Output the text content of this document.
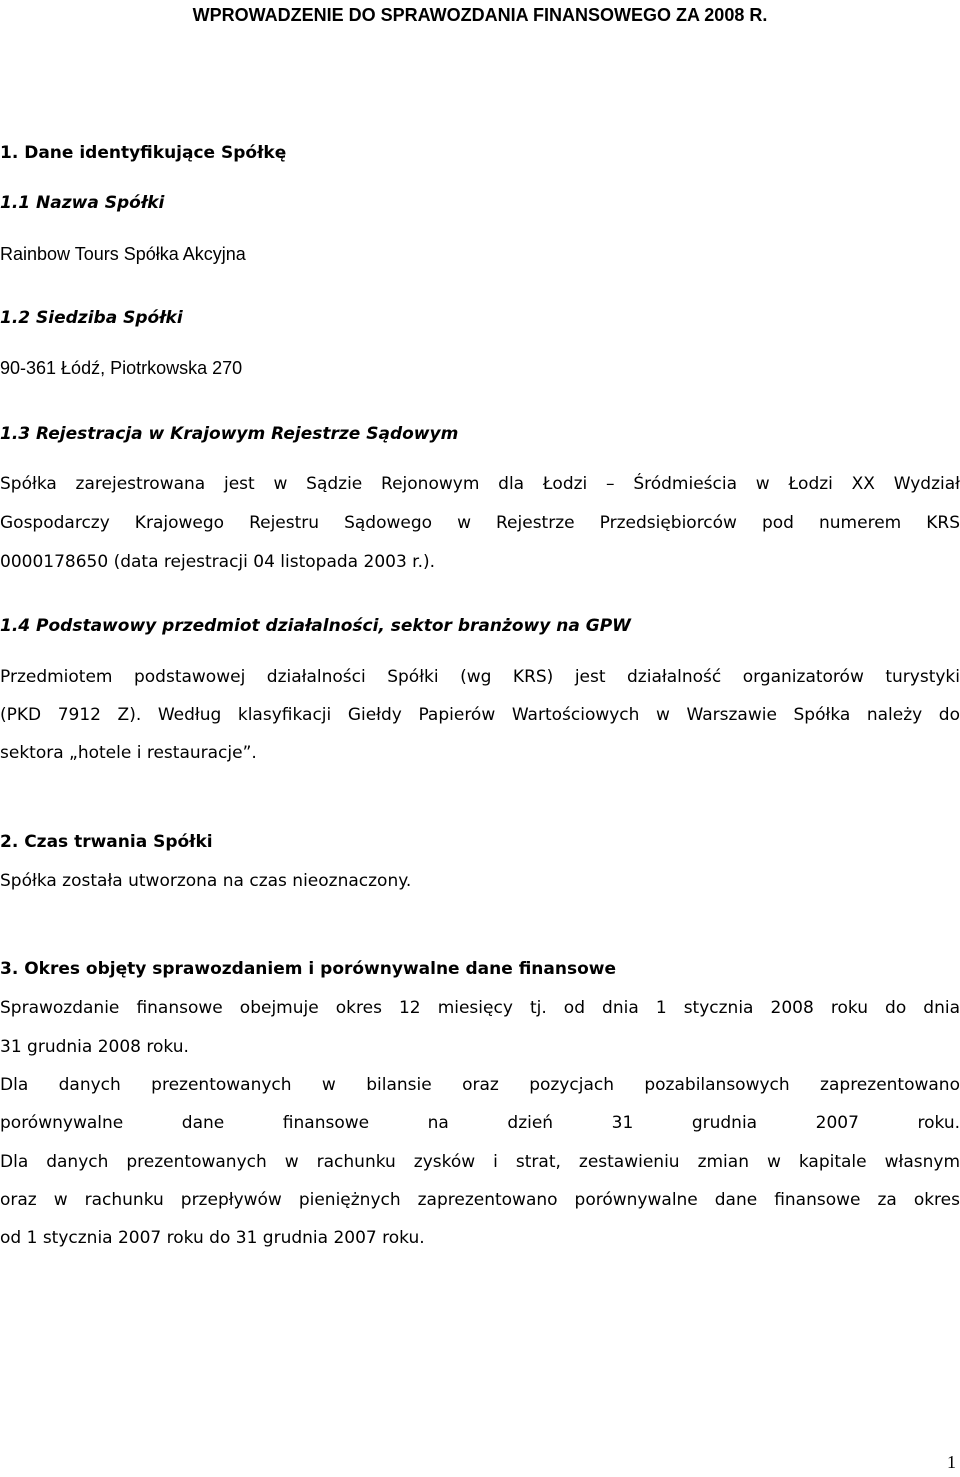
WPROWADZENIE DO SPRAWOZDANIA FINANSOWEGO ZA 2008 R.

1. Dane identyfikujące Spółkę

1.1 Nazwa Spółki

Rainbow Tours Spółka Akcyjna

1.2 Siedziba Spółki

90-361 Łódź, Piotrkowska 270

1.3 Rejestracja w Krajowym Rejestrze Sądowym

Spółka zarejestrowana jest w Sądzie Rejonowym dla Łodzi – Śródmieścia w Łodzi XX Wydział

Gospodarczy Krajowego Rejestru Sądowego w Rejestrze Przedsiębiorców pod numerem KRS

0000178650 (data rejestracji 04 listopada 2003 r.).

1.4 Podstawowy przedmiot działalności, sektor branżowy na GPW

Przedmiotem podstawowej działalności Spółki (wg KRS) jest działalność organizatorów turystyki

(PKD 7912 Z). Według klasyfikacji Giełdy Papierów Wartościowych w Warszawie Spółka należy do

sektora „hotele i restauracje”.

2. Czas trwania Spółki

Spółka została utworzona na czas nieoznaczony.

3. Okres objęty sprawozdaniem i porównywalne dane finansowe

Sprawozdanie finansowe obejmuje okres 12 miesięcy tj. od dnia 1 stycznia 2008 roku do dnia

31 grudnia 2008 roku.

Dla danych prezentowanych w bilansie oraz pozycjach pozabilansowych zaprezentowano

porównywalne dane finansowe na dzień 31 grudnia 2007 roku.

Dla danych prezentowanych w rachunku zysków i strat, zestawieniu zmian w kapitale własnym

oraz w rachunku przepływów pieniężnych zaprezentowano porównywalne dane finansowe za okres

od 1 stycznia 2007 roku do 31 grudnia 2007 roku.

1
